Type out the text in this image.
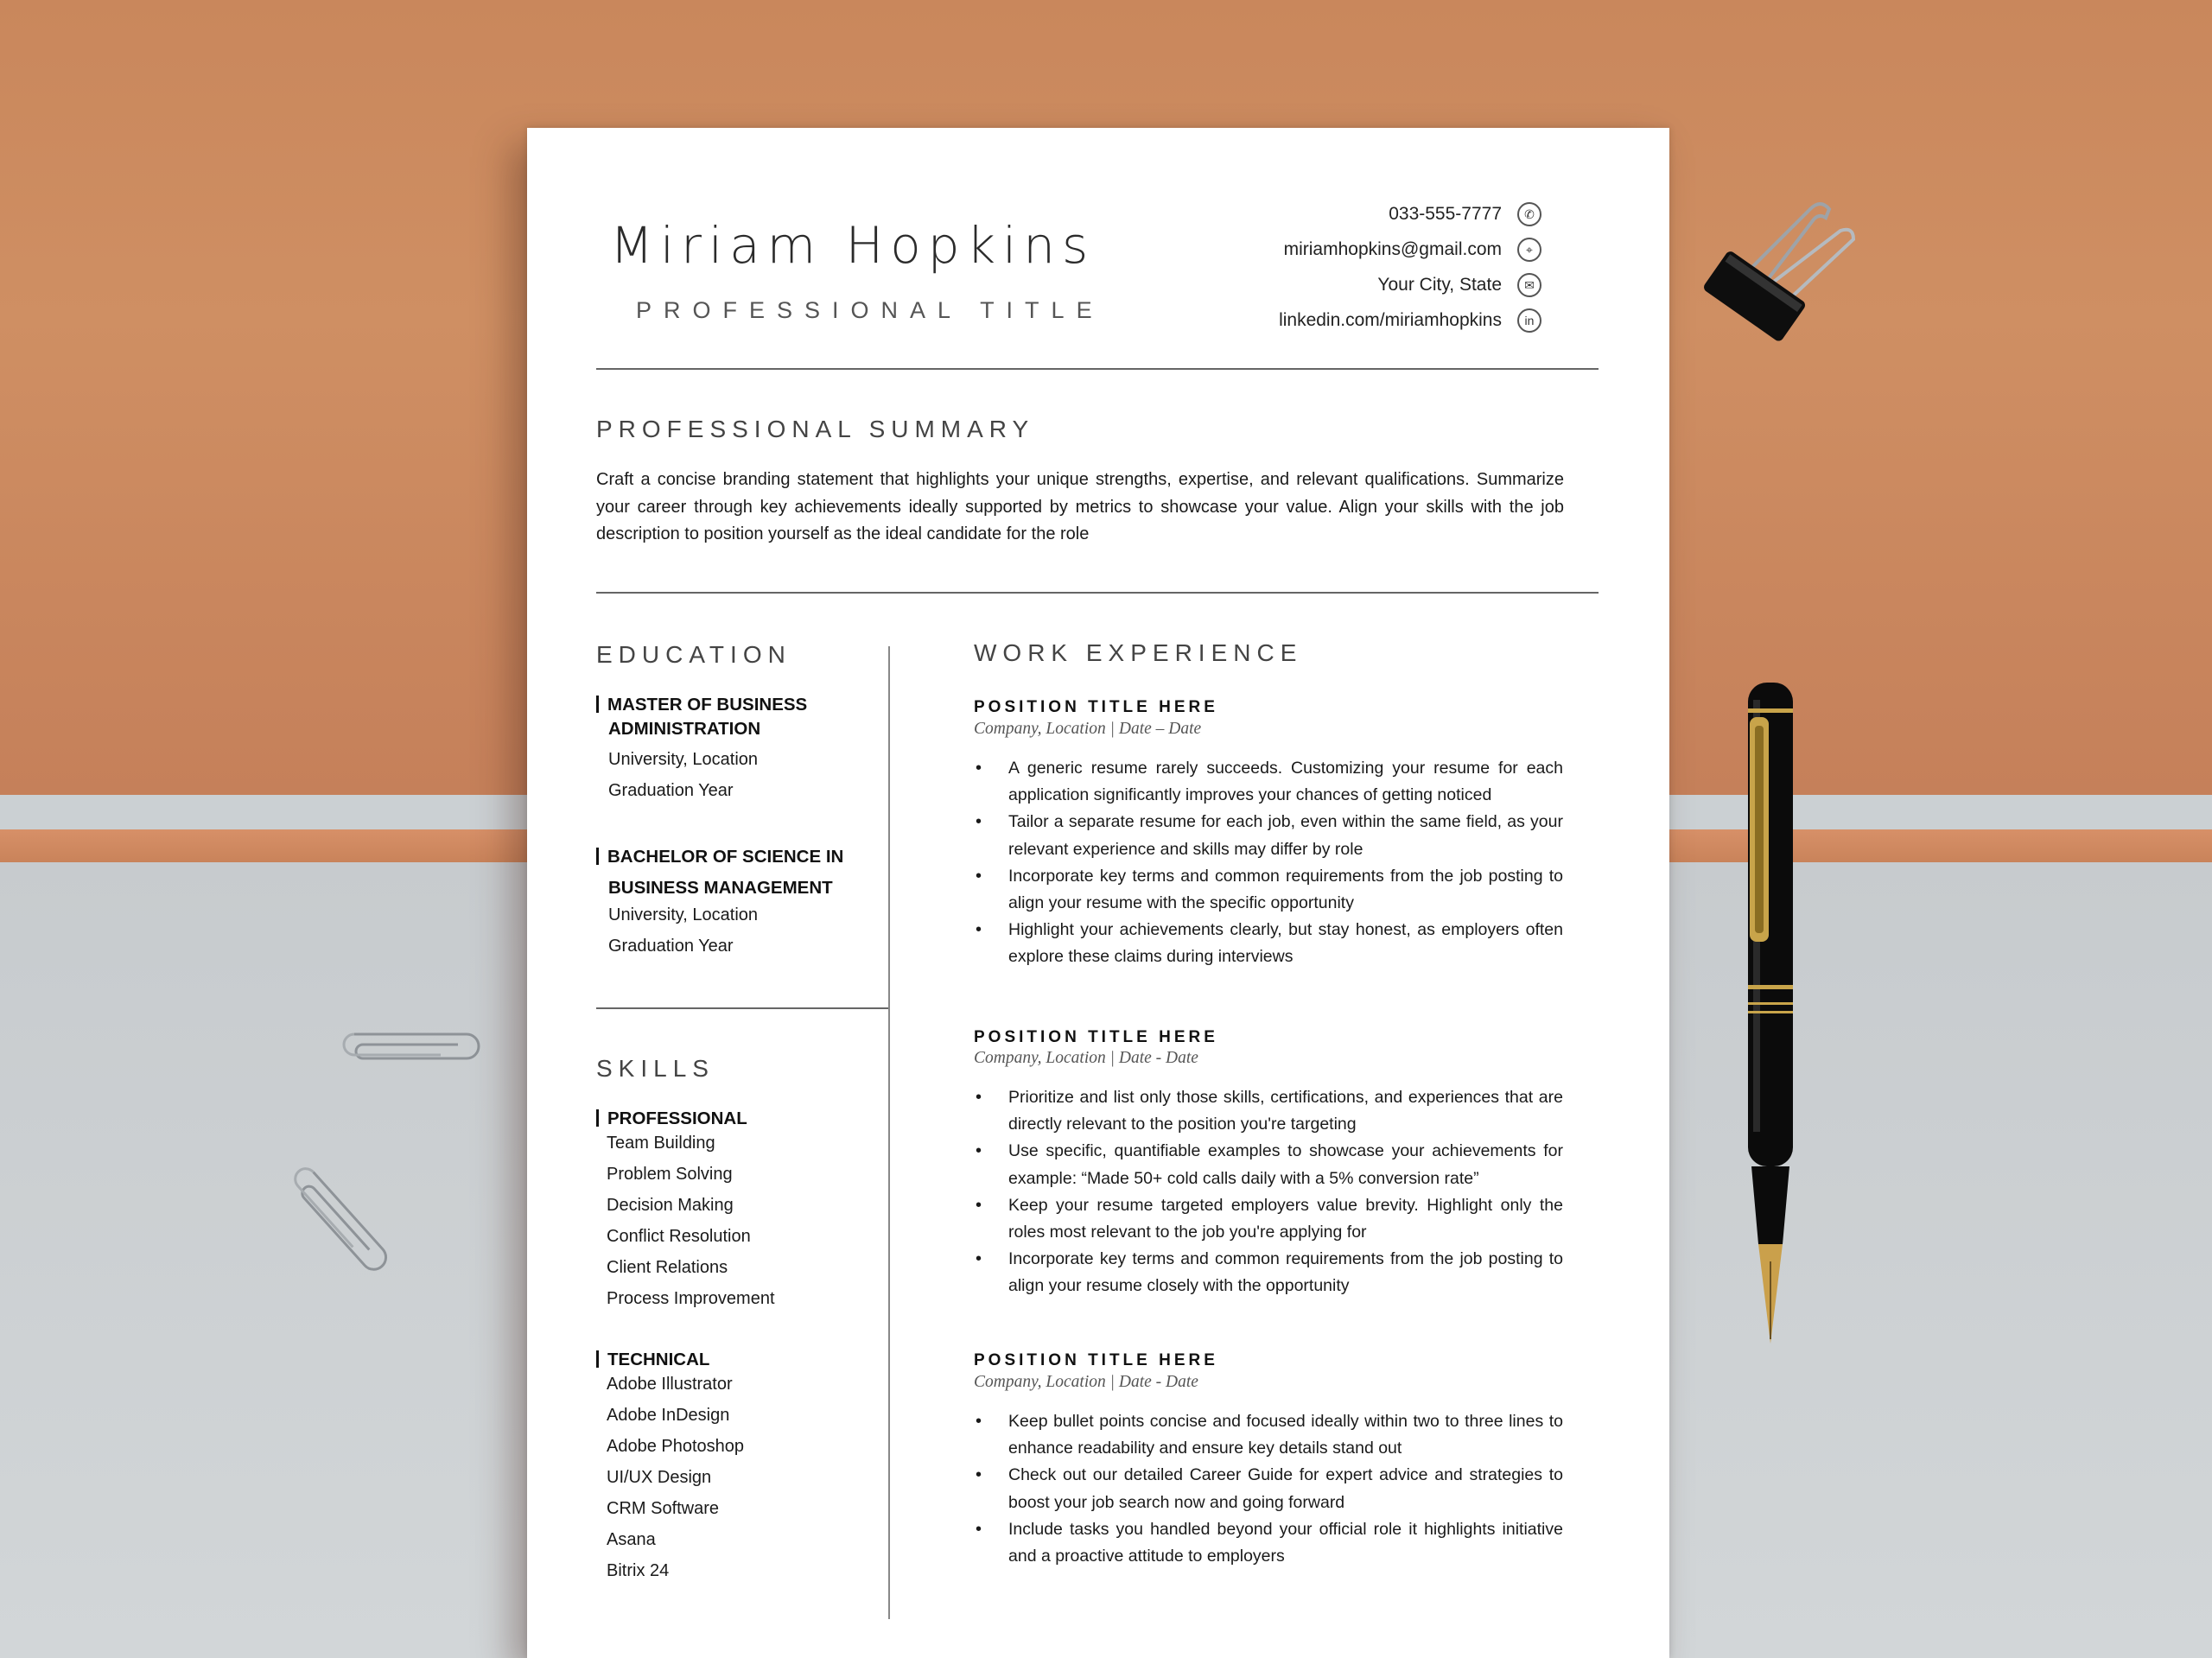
Miriam Hopkins
PROFESSIONAL TITLE
033-555-7777 ✆
miriamhopkins@gmail.com ⌖
Your City, State ✉
linkedin.com/miriamhopkins in
PROFESSIONAL SUMMARY
Craft a concise branding statement that highlights your unique strengths, expertise, and relevant qualifications. Summarize your career through key achievements ideally supported by metrics to showcase your value. Align your skills with the job description to position yourself as the ideal candidate for the role
EDUCATION
MASTER OF BUSINESS
ADMINISTRATION
University, Location
Graduation Year
BACHELOR OF SCIENCE IN
BUSINESS MANAGEMENT
University, Location
Graduation Year
SKILLS
PROFESSIONAL
Team Building
Problem Solving
Decision Making
Conflict Resolution
Client Relations
Process Improvement
TECHNICAL
Adobe Illustrator
Adobe InDesign
Adobe Photoshop
UI/UX Design
CRM Software
Asana
Bitrix 24
WORK EXPERIENCE
POSITION TITLE HERE
Company, Location | Date – Date
• A generic resume rarely succeeds. Customizing your resume for each application significantly improves your chances of getting noticed
• Tailor a separate resume for each job, even within the same field, as your relevant experience and skills may differ by role
• Incorporate key terms and common requirements from the job posting to align your resume with the specific opportunity
• Highlight your achievements clearly, but stay honest, as employers often explore these claims during interviews
POSITION TITLE HERE
Company, Location | Date - Date
• Prioritize and list only those skills, certifications, and experiences that are directly relevant to the position you're targeting
• Use specific, quantifiable examples to showcase your achievements for example: “Made 50+ cold calls daily with a 5% conversion rate”
• Keep your resume targeted employers value brevity. Highlight only the roles most relevant to the job you're applying for
• Incorporate key terms and common requirements from the job posting to align your resume closely with the opportunity
POSITION TITLE HERE
Company, Location | Date - Date
• Keep bullet points concise and focused ideally within two to three lines to enhance readability and ensure key details stand out
• Check out our detailed Career Guide for expert advice and strategies to boost your job search now and going forward
• Include tasks you handled beyond your official role it highlights initiative and a proactive attitude to employers
